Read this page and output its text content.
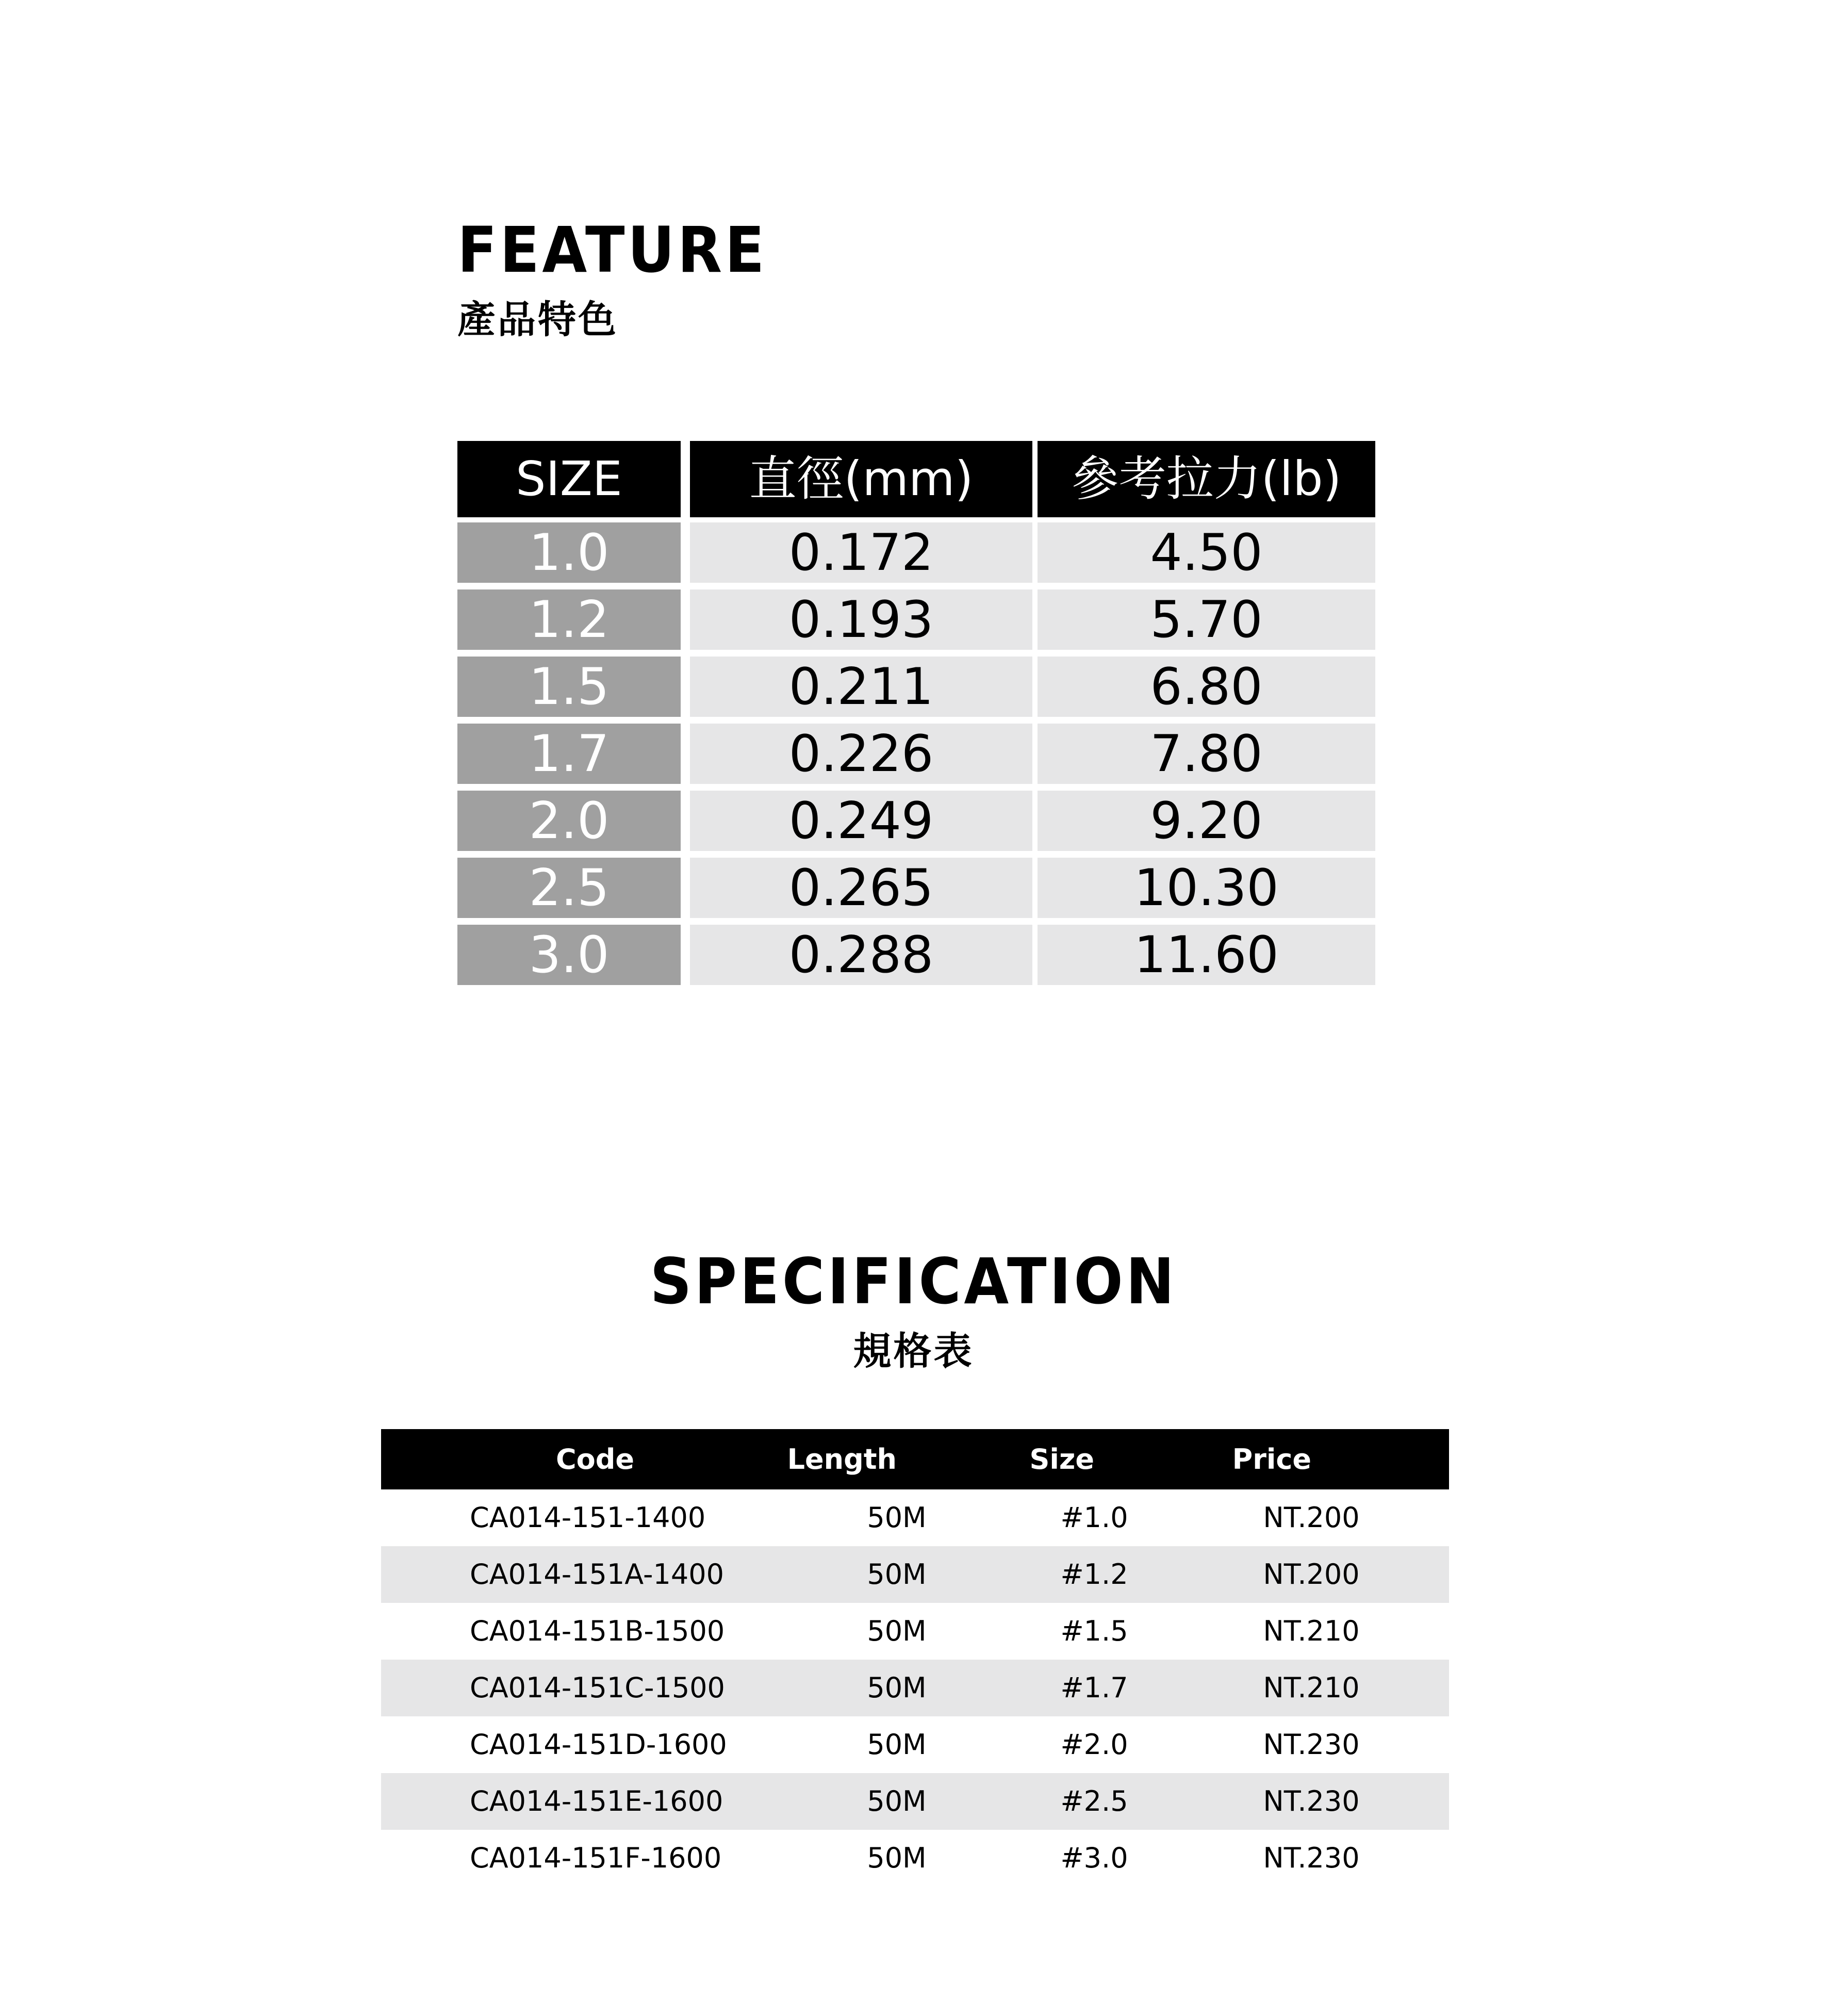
FEATURE
產品特色
SIZE	直徑(mm)	參考拉力(lb)
1.0	0.172	4.50
1.2	0.193	5.70
1.5	0.211	6.80
1.7	0.226	7.80
2.0	0.249	9.20
2.5	0.265	10.30
3.0	0.288	11.60
SPECIFICATION
規格表
Code	Length	Size	Price
CA014-151-1400	50M	#1.0	NT.200
CA014-151A-1400	50M	#1.2	NT.200
CA014-151B-1500	50M	#1.5	NT.210
CA014-151C-1500	50M	#1.7	NT.210
CA014-151D-1600	50M	#2.0	NT.230
CA014-151E-1600	50M	#2.5	NT.230
CA014-151F-1600	50M	#3.0	NT.230
